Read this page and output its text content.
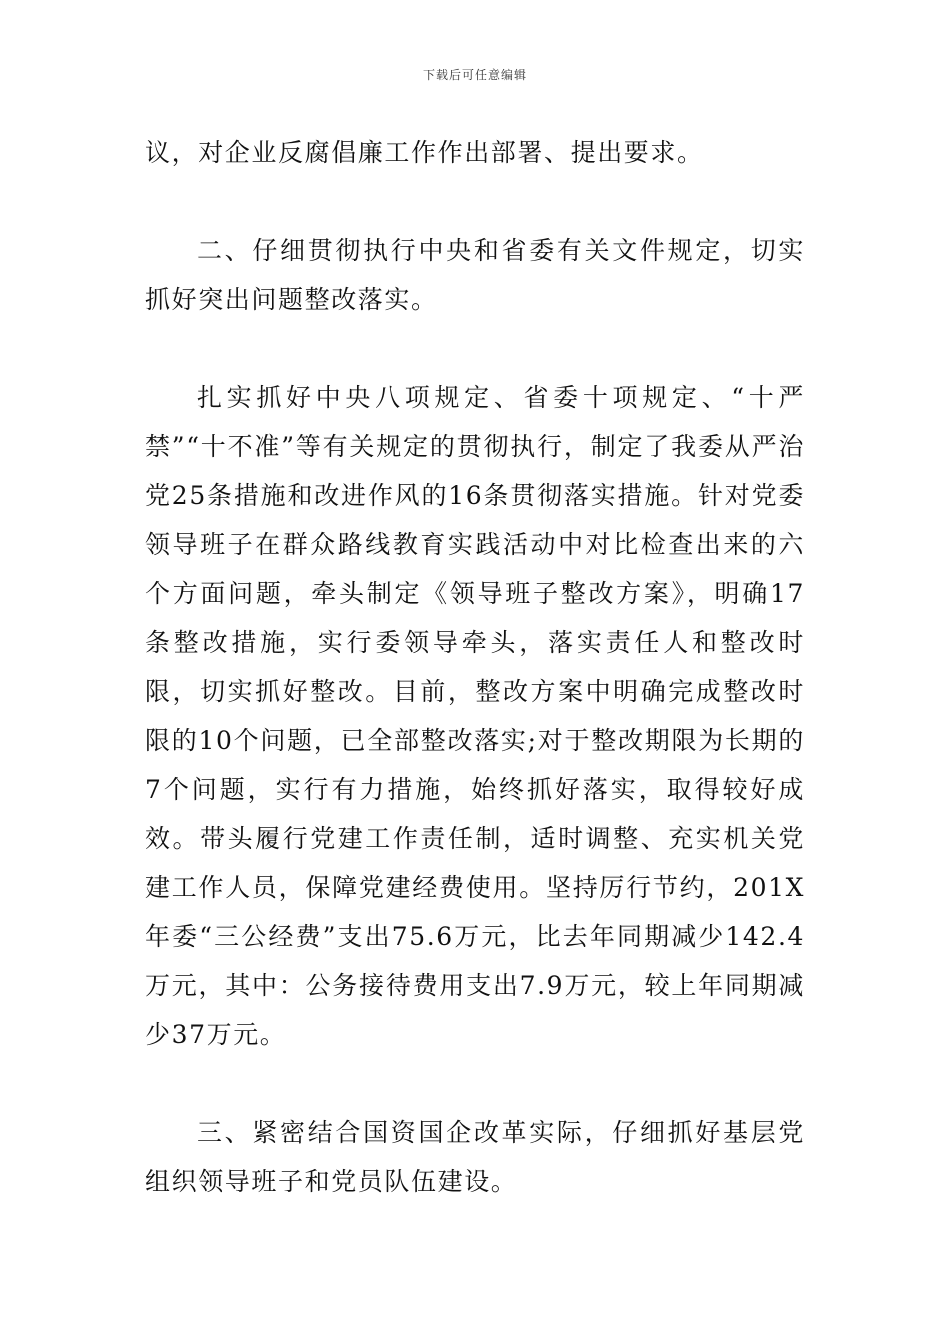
下载后可任意编辑

议，对企业反腐倡廉工作作出部署、提出要求。

二、仔细贯彻执行中央和省委有关文件规定，切实抓好突出问题整改落实。

扎实抓好中央八项规定、省委十项规定、“十严禁”“十不准”等有关规定的贯彻执行，制定了我委从严治党25条措施和改进作风的16条贯彻落实措施。针对党委领导班子在群众路线教育实践活动中对比检查出来的六个方面问题，牵头制定《领导班子整改方案》，明确17条整改措施，实行委领导牵头，落实责任人和整改时限，切实抓好整改。目前，整改方案中明确完成整改时限的10个问题，已全部整改落实;对于整改期限为长期的7个问题，实行有力措施，始终抓好落实，取得较好成效。带头履行党建工作责任制，适时调整、充实机关党建工作人员，保障党建经费使用。坚持厉行节约，201X年委“三公经费”支出75.6万元，比去年同期减少142.4万元，其中：公务接待费用支出7.9万元，较上年同期减少37万元。

三、紧密结合国资国企改革实际，仔细抓好基层党组织领导班子和党员队伍建设。
